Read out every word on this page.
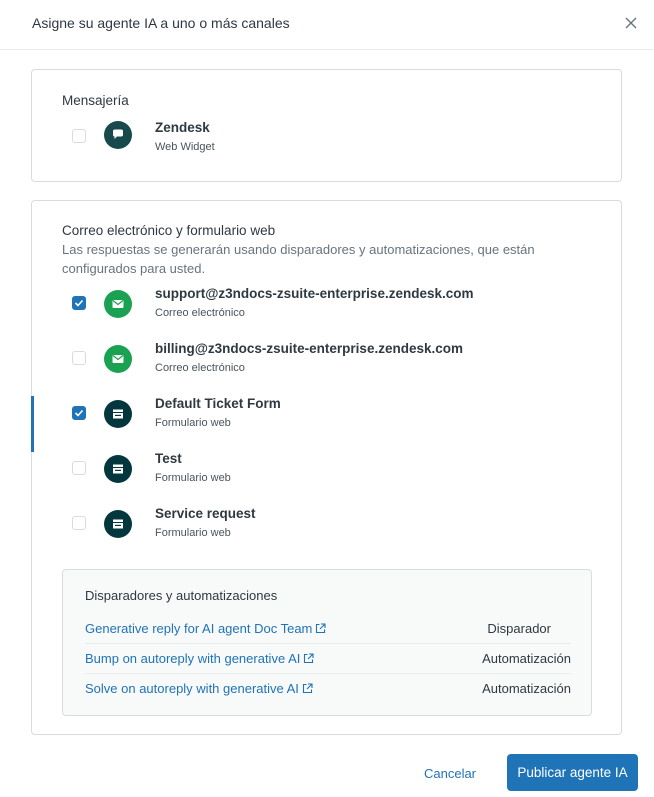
Asigne su agente IA a uno o más canales
Mensajería
Zendesk
Web Widget
Correo electrónico y formulario web
Las respuestas se generarán usando disparadores y automatizaciones, que están configurados para usted.
support@z3ndocs-zsuite-enterprise.zendesk.com
Correo electrónico
billing@z3ndocs-zsuite-enterprise.zendesk.com
Correo electrónico
Default Ticket Form
Formulario web
Test
Formulario web
Service request
Formulario web
Disparadores y automatizaciones
Generative reply for AI agent Doc Team	Disparador
Bump on autoreply with generative AI	Automatización
Solve on autoreply with generative AI	Automatización
Cancelar	Publicar agente IA
